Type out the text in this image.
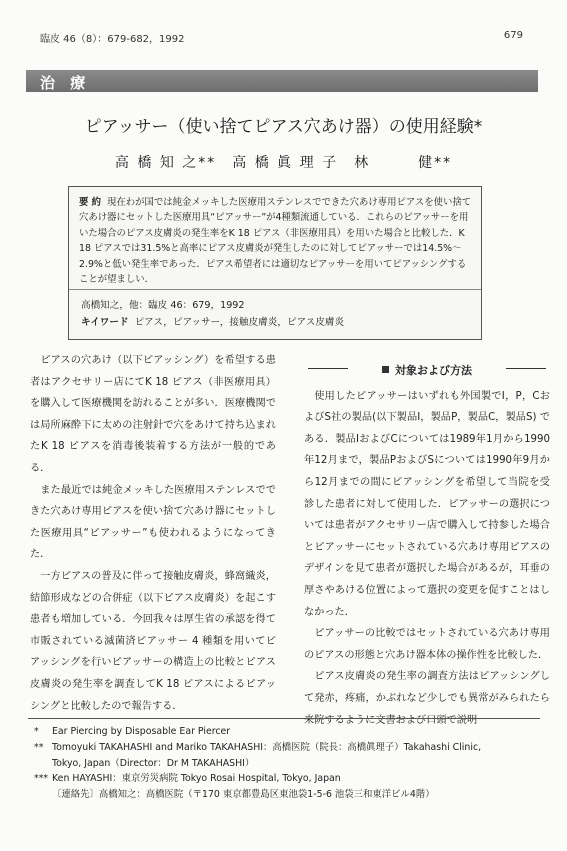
臨皮 46（8）：679-682，1992	679
治 療
ピアッサー（使い捨てピアス穴あけ器）の使用経験*
高 橋 知 之**　高 橋 眞 理 子　林　　　健**
要 約 現在わが国では純金メッキした医療用ステンレスでできた穴あけ専用ピアスを使い捨て穴あけ器にセットした医療用具“ピアッサー”が4種類流通している．これらのピアッサーを用いた場合のピアス皮膚炎の発生率をK 18 ピアス（非医療用具）を用いた場合と比較した．K 18 ピアスでは31.5%と高率にピアス皮膚炎が発生したのに対してピアッサーでは14.5%〜2.9%と低い発生率であった．ピアス希望者には適切なピアッサーを用いてピアッシングすることが望ましい．
高橋知之，他：臨皮 46：679，1992
キイワード ピアス，ピアッサー，接触皮膚炎，ピアス皮膚炎

ピアスの穴あけ（以下ピアッシング）を希望する患者はアクセサリー店にてK 18 ピアス（非医療用具）を購入して医療機関を訪れることが多い．医療機関では局所麻酔下に太めの注射針で穴をあけて持ち込まれたK 18 ピアスを消毒後装着する方法が一般的である．

また最近では純金メッキした医療用ステンレスでできた穴あけ専用ピアスを使い捨て穴あけ器にセットした医療用具“ピアッサー”も使われるようになってきた．

一方ピアスの普及に伴って接触皮膚炎，蜂窩織炎，結節形成などの合併症（以下ピアス皮膚炎）を起こす患者も増加している．今回我々は厚生省の承認を得て市販されている滅菌済ピアッサー 4 種類を用いてピアッシングを行いピアッサーの構造上の比較とピアス皮膚炎の発生率を調査してK 18 ピアスによるピアッシングと比較したので報告する．

対象および方法

使用したピアッサーはいずれも外国製でI，P，CおよびS社の製品(以下製品I，製品P，製品C，製品S) である．製品IおよびCについては1989年1月から1990年12月まで，製品PおよびSについては1990年9月から12月までの間にピアッシングを希望して当院を受診した患者に対して使用した．ピアッサーの選択については患者がアクセサリー店で購入して持参した場合とピアッサーにセットされている穴あけ専用ピアスのデザインを見て患者が選択した場合があるが，耳垂の厚さやあける位置によって選択の変更を促すことはしなかった．

ピアッサーの比較ではセットされている穴あけ専用のピアスの形態と穴あけ器本体の操作性を比較した．

ピアス皮膚炎の発生率の調査方法はピアッシングして発赤，疼痛，かぶれなど少しでも異常がみられたら来院するように文書および口頭で説明

* Ear Piercing by Disposable Ear Piercer
** Tomoyuki TAKAHASHI and Mariko TAKAHASHI：高橋医院（院長：高橋眞理子）Takahashi Clinic,
Tokyo, Japan（Director：Dr M TAKAHASHI）
*** Ken HAYASHI：東京労災病院 Tokyo Rosai Hospital, Tokyo, Japan
〔連絡先〕高橋知之：高橋医院（〒170 東京都豊島区東池袋1-5-6 池袋三和東洋ビル4階）
